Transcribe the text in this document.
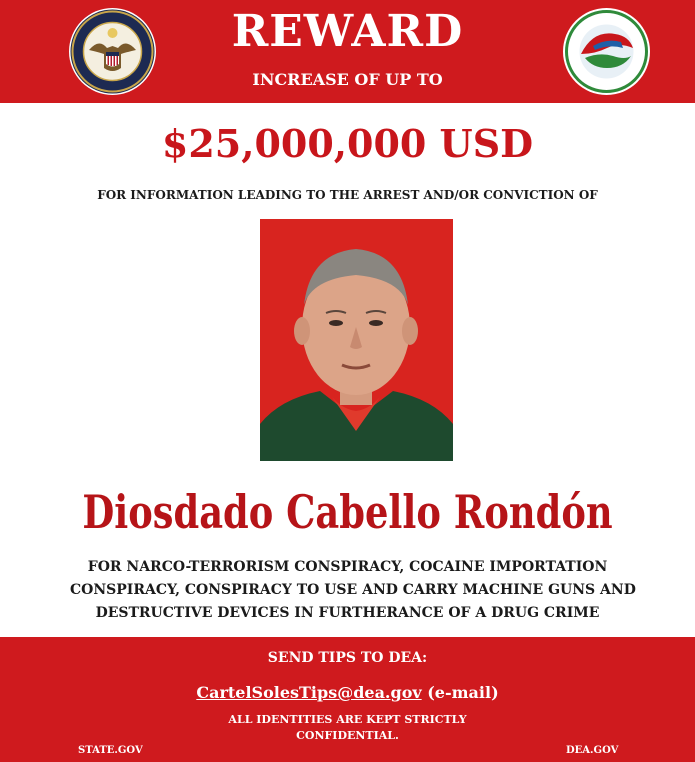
REWARD
INCREASE OF UP TO
$25,000,000 USD
FOR INFORMATION LEADING TO THE ARREST AND/OR CONVICTION OF
Diosdado Cabello Rondón
FOR NARCO-TERRORISM CONSPIRACY, COCAINE IMPORTATION
CONSPIRACY, CONSPIRACY TO USE AND CARRY MACHINE GUNS AND
DESTRUCTIVE DEVICES IN FURTHERANCE OF A DRUG CRIME
SEND TIPS TO DEA:
CartelSolesTips@dea.gov (e-mail)
ALL IDENTITIES ARE KEPT STRICTLY
CONFIDENTIAL.
STATE.GOV	DEA.GOV
